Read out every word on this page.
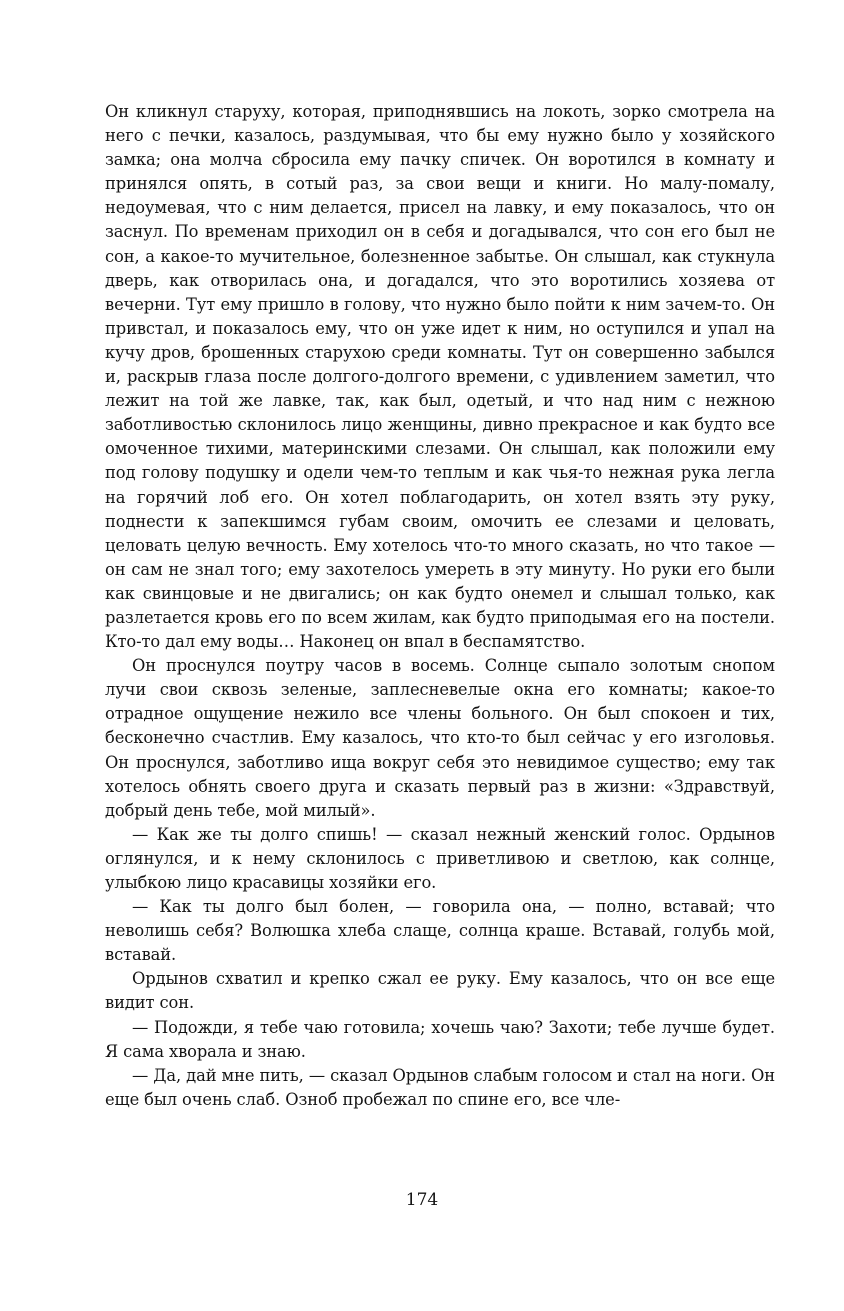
Он кликнул старуху, которая, приподнявшись на локоть, зорко смотрела на него с печки, казалось, раздумывая, что бы ему нужно было у хозяйского замка; она молча сбросила ему пачку спичек. Он воротился в комнату и принялся опять, в сотый раз, за свои вещи и книги. Но малу-помалу, недоумевая, что с ним делается, присел на лавку, и ему показалось, что он заснул. По временам приходил он в себя и догадывался, что сон его был не сон, а какое-то мучительное, болезненное забытье. Он слышал, как стукнула дверь, как отворилась она, и догадался, что это воротились хозяева от вечерни. Тут ему пришло в голову, что нужно было пойти к ним зачем-то. Он привстал, и показалось ему, что он уже идет к ним, но оступился и упал на кучу дров, брошенных старухою среди комнаты. Тут он совершенно забылся и, раскрыв глаза после долгого-долгого времени, с удивлением заметил, что лежит на той же лавке, так, как был, одетый, и что над ним с нежною заботливостью склонилось лицо женщины, дивно прекрасное и как будто все омоченное тихими, материнскими слезами. Он слышал, как положили ему под голову подушку и одели чем-то теплым и как чья-то нежная рука легла на горячий лоб его. Он хотел поблагодарить, он хотел взять эту руку, поднести к запекшимся губам своим, омочить ее слезами и целовать, целовать целую вечность. Ему хотелось что-то много сказать, но что такое — он сам не знал того; ему захотелось умереть в эту минуту. Но руки его были как свинцовые и не двигались; он как будто онемел и слышал только, как разлетается кровь его по всем жилам, как будто приподымая его на постели. Кто-то дал ему воды… Наконец он впал в беспамятство.

Он проснулся поутру часов в восемь. Солнце сыпало золотым снопом лучи свои сквозь зеленые, заплесневелые окна его комнаты; какое-то отрадное ощущение нежило все члены больного. Он был спокоен и тих, бесконечно счастлив. Ему казалось, что кто-то был сейчас у его изголовья. Он проснулся, заботливо ища вокруг себя это невидимое существо; ему так хотелось обнять своего друга и сказать первый раз в жизни: «Здравствуй, добрый день тебе, мой милый».

— Как же ты долго спишь! — сказал нежный женский голос. Ордынов оглянулся, и к нему склонилось с приветливою и светлою, как солнце, улыбкою лицо красавицы хозяйки его.

— Как ты долго был болен, — говорила она, — полно, вставай; что неволишь себя? Волюшка хлеба слаще, солнца краше. Вставай, голубь мой, вставай.

Ордынов схватил и крепко сжал ее руку. Ему казалось, что он все еще видит сон.

— Подожди, я тебе чаю готовила; хочешь чаю? Захоти; тебе лучше будет. Я сама хворала и знаю.

— Да, дай мне пить, — сказал Ордынов слабым голосом и стал на ноги. Он еще был очень слаб. Озноб пробежал по спине его, все чле-

174
